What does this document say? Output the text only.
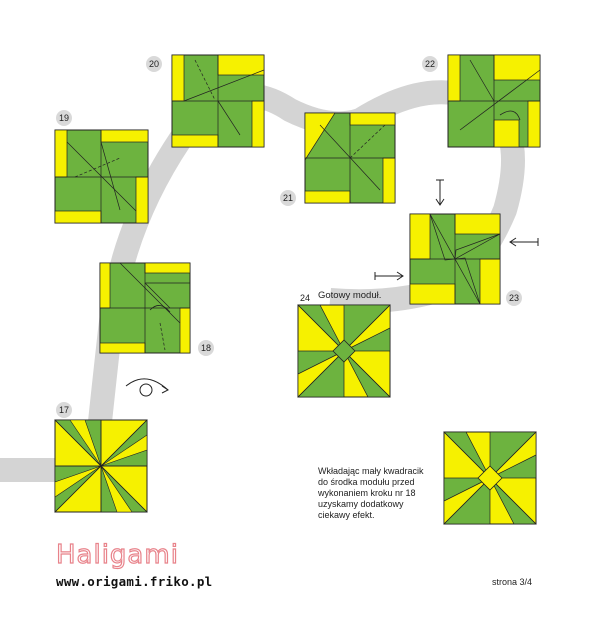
17
18
19
20
21
22
23
24 Gotowy moduł.
Wkładając mały kwadracik
do środka modułu przed
wykonaniem kroku nr 18
uzyskamy dodatkowy
ciekawy efekt.
Haligami
www.origami.friko.pl	strona 3/4
